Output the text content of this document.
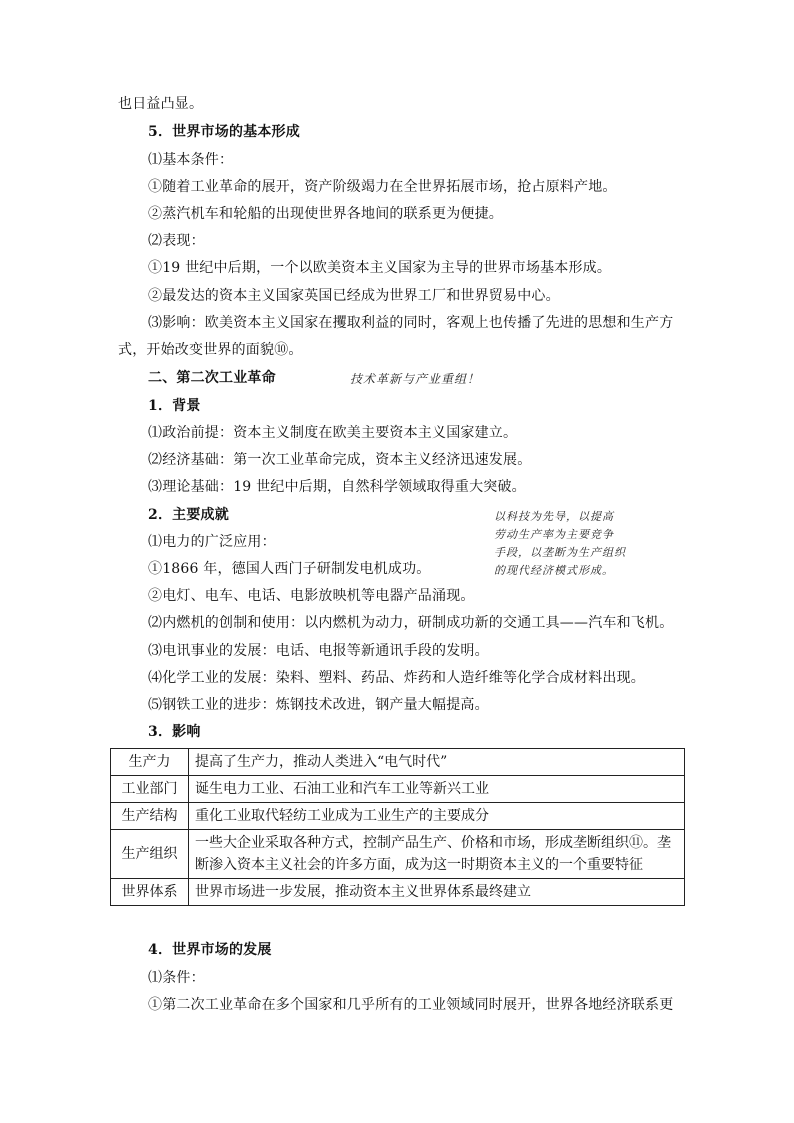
也日益凸显。
5．世界市场的基本形成
⑴基本条件：
①随着工业革命的展开，资产阶级竭力在全世界拓展市场，抢占原料产地。
②蒸汽机车和轮船的出现使世界各地间的联系更为便捷。
⑵表现：
①19 世纪中后期，一个以欧美资本主义国家为主导的世界市场基本形成。
②最发达的资本主义国家英国已经成为世界工厂和世界贸易中心。
⑶影响：欧美资本主义国家在攫取利益的同时，客观上也传播了先进的思想和生产方
式，开始改变世界的面貌⑩。
二、第二次工业革命	技术革新与产业重组！
1．背景
⑴政治前提：资本主义制度在欧美主要资本主义国家建立。
⑵经济基础：第一次工业革命完成，资本主义经济迅速发展。
⑶理论基础：19 世纪中后期，自然科学领域取得重大突破。
2．主要成就	以科技为先导，以提高
劳动生产率为主要竞争
手段，以垄断为生产组织
的现代经济模式形成。
⑴电力的广泛应用：
①1866 年，德国人西门子研制发电机成功。
②电灯、电车、电话、电影放映机等电器产品涌现。
⑵内燃机的创制和使用：以内燃机为动力，研制成功新的交通工具——汽车和飞机。
⑶电讯事业的发展：电话、电报等新通讯手段的发明。
⑷化学工业的发展：染料、塑料、药品、炸药和人造纤维等化学合成材料出现。
⑸钢铁工业的进步：炼钢技术改进，钢产量大幅提高。
3．影响
生产力	提高了生产力，推动人类进入“电气时代”
工业部门	诞生电力工业、石油工业和汽车工业等新兴工业
生产结构	重化工业取代轻纺工业成为工业生产的主要成分
生产组织	一些大企业采取各种方式，控制产品生产、价格和市场，形成垄断组织⑪。垄断渗入资本主义社会的许多方面，成为这一时期资本主义的一个重要特征
世界体系	世界市场进一步发展，推动资本主义世界体系最终建立
4．世界市场的发展
⑴条件：
①第二次工业革命在多个国家和几乎所有的工业领域同时展开，世界各地经济联系更
